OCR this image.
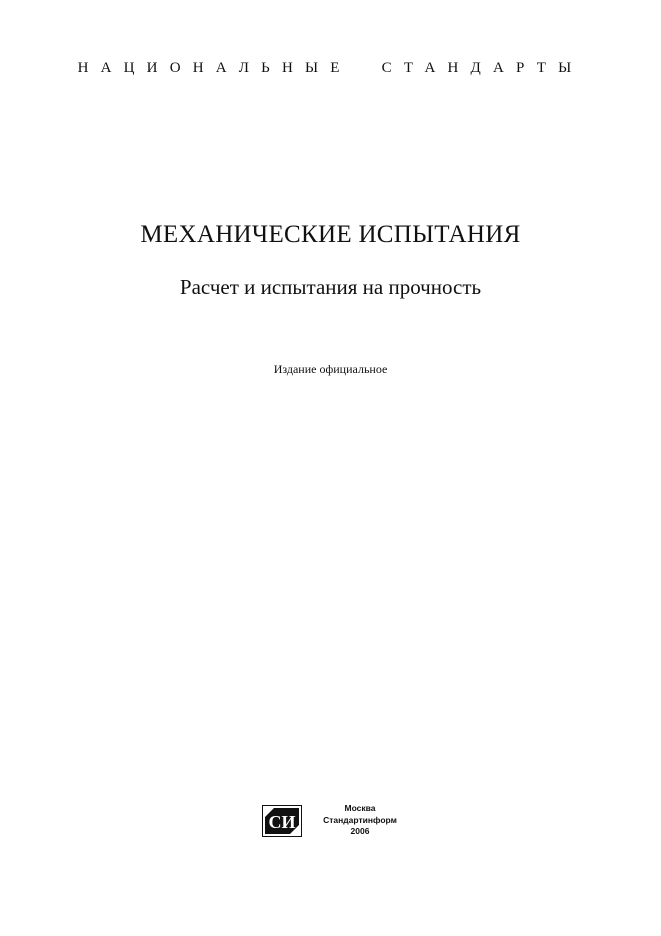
НАЦИОНАЛЬНЫЕ СТАНДАРТЫ
МЕХАНИЧЕСКИЕ ИСПЫТАНИЯ
Расчет и испытания на прочность
Издание официальное
СИ
Москва
Стандартинформ
2006
